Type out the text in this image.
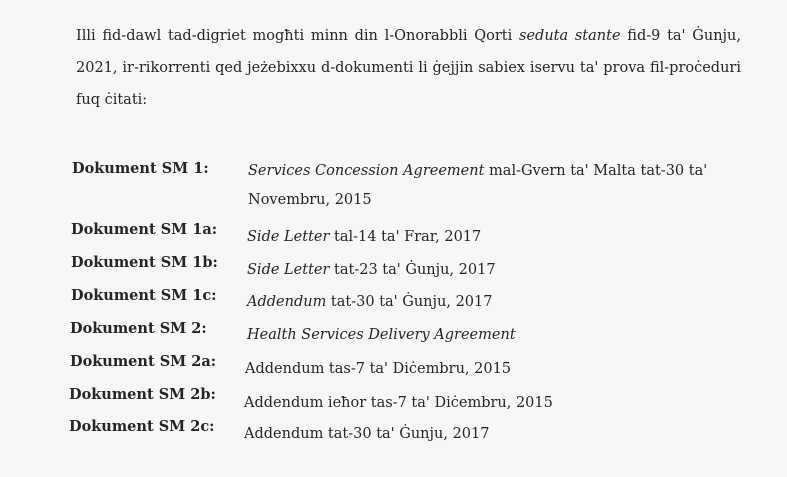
Illi fid-dawl tad-digriet mogħti minn din l-Onorabbli Qorti seduta stante fid-9 ta' Ġunju, 2021, ir-rikorrenti qed jeżebixxu d-dokumenti li ġejjin sabiex iservu ta' prova fil-proċeduri fuq ċitati:

Dokument SM 1:	Services Concession Agreement mal-Gvern ta' Malta tat-30 ta' Novembru, 2015
Dokument SM 1a: Side Letter tal-14 ta' Frar, 2017
Dokument SM 1b: Side Letter tat-23 ta' Ġunju, 2017
Dokument SM 1c: Addendum tat-30 ta' Ġunju, 2017
Dokument SM 2:	Health Services Delivery Agreement
Dokument SM 2a: Addendum tas-7 ta' Diċembru, 2015
Dokument SM 2b: Addendum ieħor tas-7 ta' Diċembru, 2015
Dokument SM 2c: Addendum tat-30 ta' Ġunju, 2017
